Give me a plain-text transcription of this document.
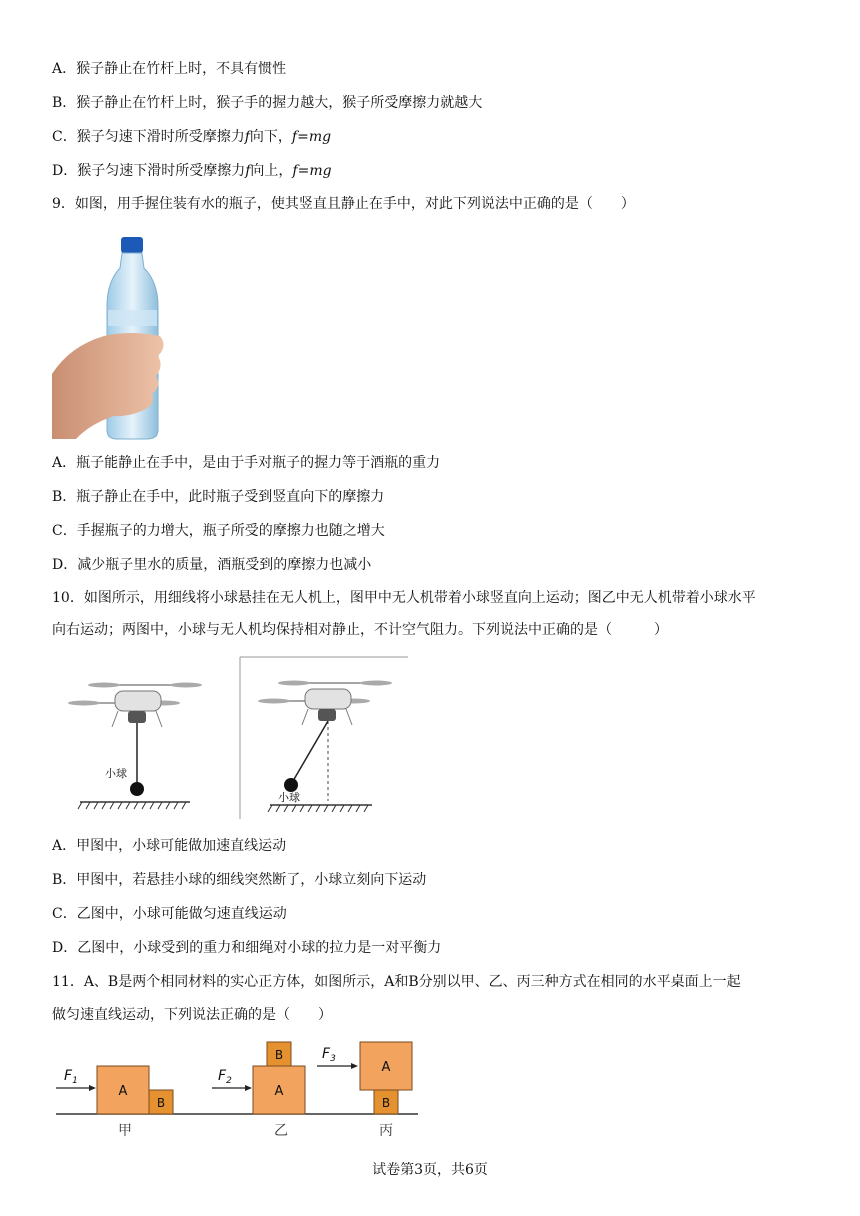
A．猴子静止在竹杆上时，不具有惯性
B．猴子静止在竹杆上时，猴子手的握力越大，猴子所受摩擦力就越大
C．猴子匀速下滑时所受摩擦力f向下，f=mg
D．猴子匀速下滑时所受摩擦力f向上，f=mg
9．如图，用手握住装有水的瓶子，使其竖直且静止在手中，对此下列说法中正确的是（　　）
A．瓶子能静止在手中，是由于手对瓶子的握力等于酒瓶的重力
B．瓶子静止在手中，此时瓶子受到竖直向下的摩擦力
C．手握瓶子的力增大，瓶子所受的摩擦力也随之增大
D．减少瓶子里水的质量，酒瓶受到的摩擦力也减小
10．如图所示，用细线将小球悬挂在无人机上，图甲中无人机带着小球竖直向上运动；图乙中无人机带着小球水平
向右运动；两图中，小球与无人机均保持相对静止，不计空气阻力。下列说法中正确的是（　　　）
小球
小球
A．甲图中，小球可能做加速直线运动
B．甲图中，若悬挂小球的细线突然断了，小球立刻向下运动
C．乙图中，小球可能做匀速直线运动
D．乙图中，小球受到的重力和细绳对小球的拉力是一对平衡力
11．A、B是两个相同材料的实心正方体，如图所示，A和B分别以甲、乙、丙三种方式在相同的水平桌面上一起
做匀速直线运动，下列说法正确的是（　　）
$F_1$
A
B
甲
$F_2$
A
B
乙
$F_3$
A
B
丙
试卷第3页，共6页
